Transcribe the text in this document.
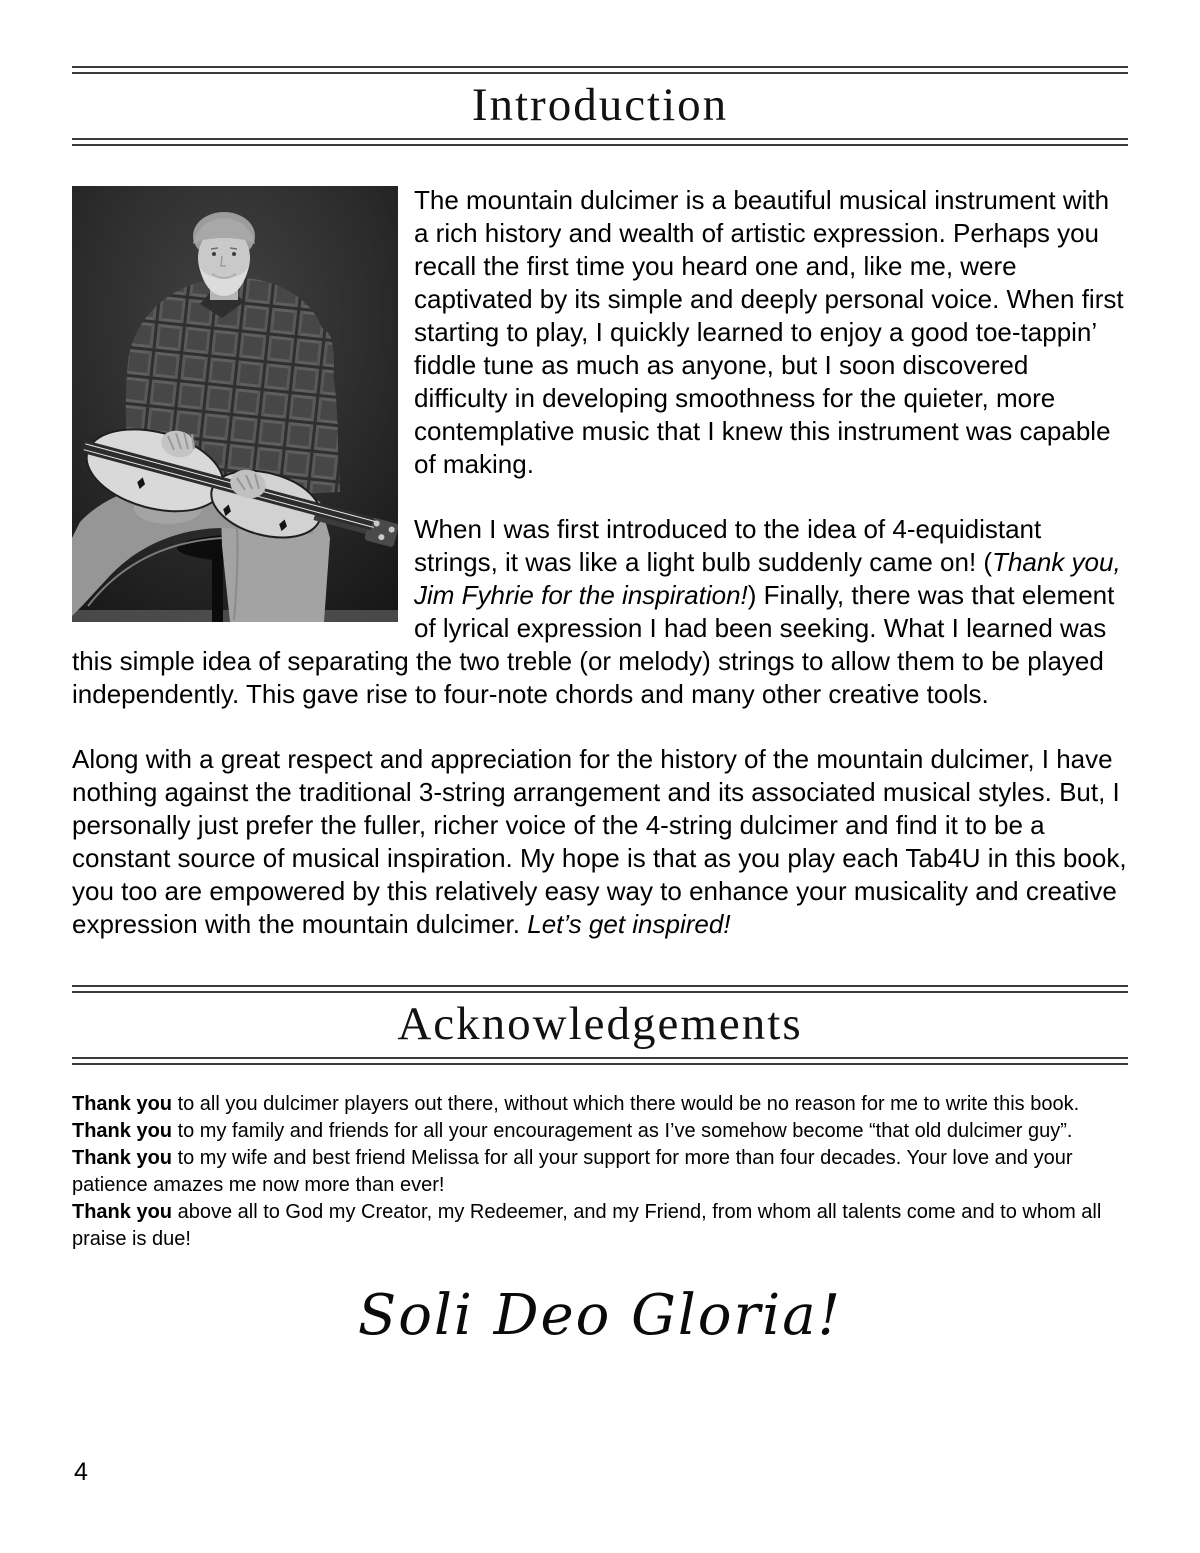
Introduction

The mountain dulcimer is a beautiful musical instrument with a rich history and wealth of artistic expression. Perhaps you recall the first time you heard one and, like me, were captivated by its simple and deeply personal voice. When first starting to play, I quickly learned to enjoy a good toe-tappin’ fiddle tune as much as anyone, but I soon discovered difficulty in developing smoothness for the quieter, more contemplative music that I knew this instrument was capable of making.

When I was first introduced to the idea of 4-equidistant strings, it was like a light bulb suddenly came on! (Thank you, Jim Fyhrie for the inspiration!) Finally, there was that element of lyrical expression I had been seeking. What I learned was this simple idea of separating the two treble (or melody) strings to allow them to be played independently. This gave rise to four-note chords and many other creative tools.

Along with a great respect and appreciation for the history of the mountain dulcimer, I have nothing against the traditional 3-string arrangement and its associated musical styles. But, I personally just prefer the fuller, richer voice of the 4-string dulcimer and find it to be a constant source of musical inspiration. My hope is that as you play each Tab4U in this book, you too are empowered by this relatively easy way to enhance your musicality and creative expression with the mountain dulcimer. Let’s get inspired!

Acknowledgements

Thank you to all you dulcimer players out there, without which there would be no reason for me to write this book.

Thank you to my family and friends for all your encouragement as I’ve somehow become “that old dulcimer guy”.

Thank you to my wife and best friend Melissa for all your support for more than four decades. Your love and your patience amazes me now more than ever!

Thank you above all to God my Creator, my Redeemer, and my Friend, from whom all talents come and to whom all praise is due!

Soli Deo Gloria!
4
